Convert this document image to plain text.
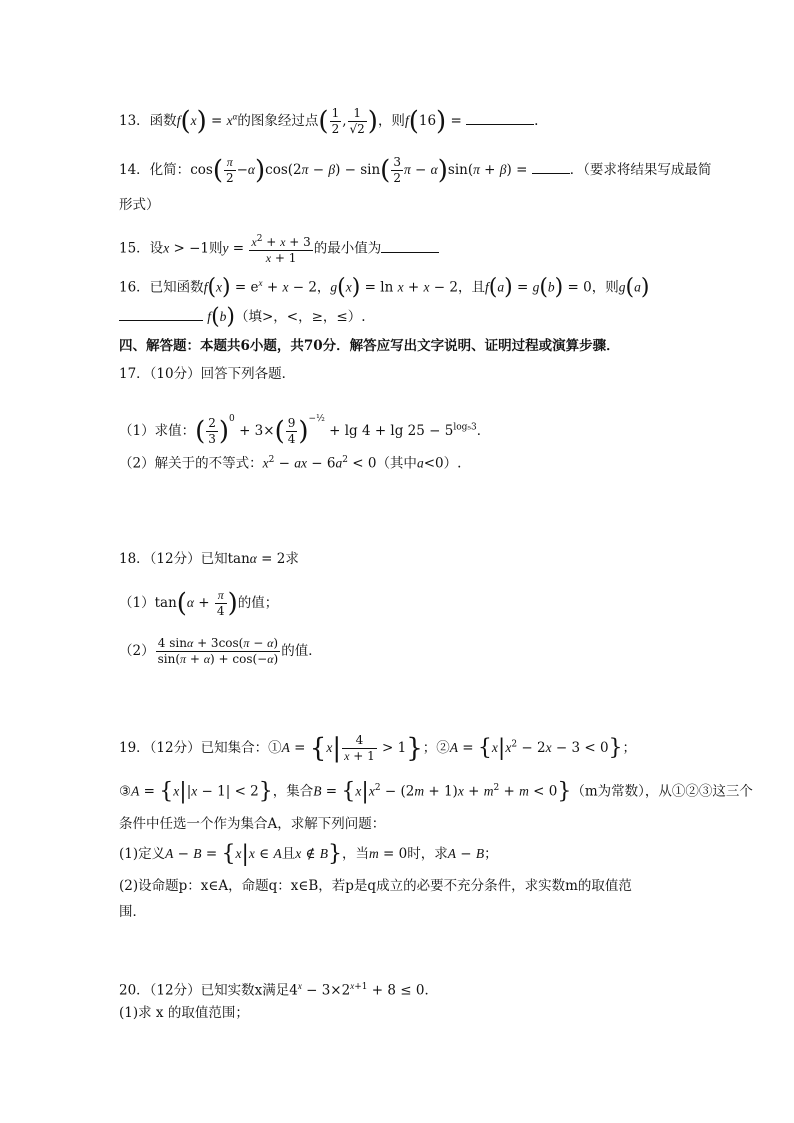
13．函数$f(x) = x^\alpha$的图象经过点( $\frac{1}{2}$ , $\frac{1}{√2}$ )，则f(16) =	.
14．化简：$\cos( \frac{\pi}{2} -\alpha)\cos(2\pi - \beta) - \sin( \frac{3}{2}$ π − α)sin(π + β) =	．（要求将结果写成最简
形式）
15．设x > −1则$y = \frac{x^2 + x + 3}{x + 1}$ 的最小值为
16．已知函数$f(x) = e^x + x - 2$，g(x) = ln x + x − 2，且f(a) = g(b) = 0，则g(a)
f(b)（填>，<，≥，≤）.
四、解答题：本题共6小题，共70分．解答应写出文字说明、证明过程或演算步骤．
17．（10分）回答下列各题．
（1）求值：( $\frac{2}{3} )^0 + 3\times( \frac{9}{4} )^{-\frac{1}{2}} + \lg 4 + \lg 25 - 5^{log_53}$．
（2）解关于的不等式：$x^2$ − ax − $6a^2 < 0$（其中a<0）.
18．（12分）已知tanα = 2求
$(1)\tan(\alpha + \frac{\pi}{4}$ )的值；
$(2) \frac{4 \sin\alpha + 3\cos(\pi - \alpha)}{\sin(\pi + \alpha) + \cos(-\alpha)}$ 的值．
19．（12分）已知集合：①A = $\{x| \frac{4}{x + 1} > 1\}$；②A = $\{x|x^2 - 2x - 3 < 0\}$；
③A = {x||x − 1| < 2}，集合$B = \{x|x^2 - (2m + 1)x + m^2 + m < 0\}(m$为常数），从①②③这三个
条件中任选一个作为集合A，求解下列问题：
(1)定义A − B = {x|x ∈ A且x ∉ B}，当m = 0时，求A − B；
(2)设命题p：x∈A，命题q：x∈B，若p是q成立的必要不充分条件，求实数m的取值范
围．
20．（12分）已知实数x满足$4^x - 3\times 2^{x+1} + 8 \le 0$．
(1)求 x 的取值范围；
